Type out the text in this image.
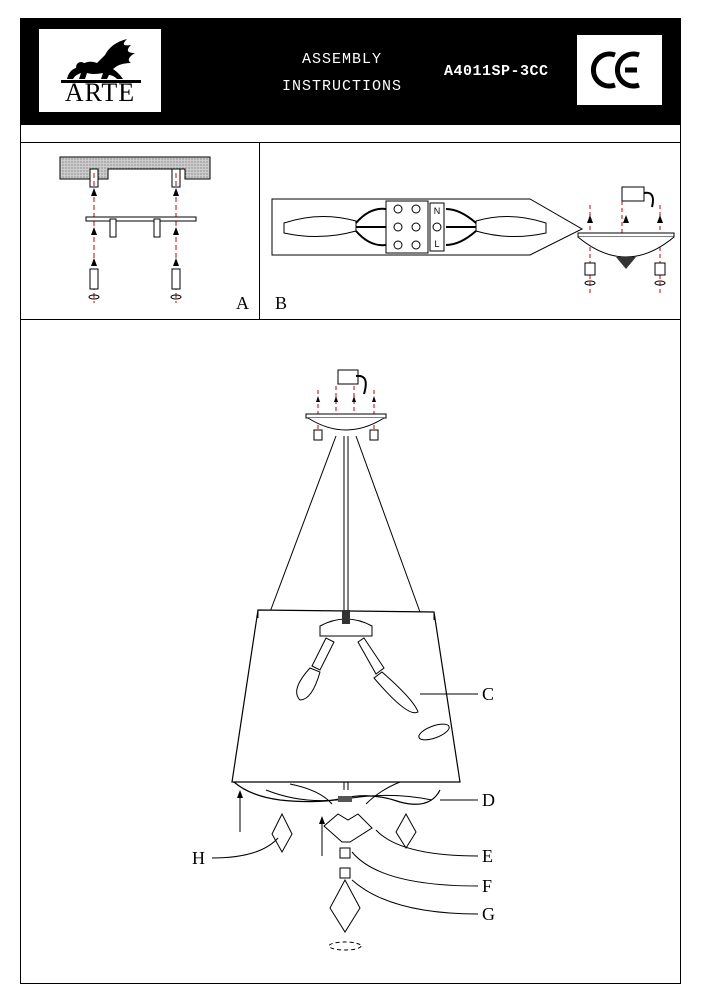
ARTE
ASSEMBLY
INSTRUCTIONS
A4011SP-3CC
A
N
L
B
C
D
E
F
G
H
